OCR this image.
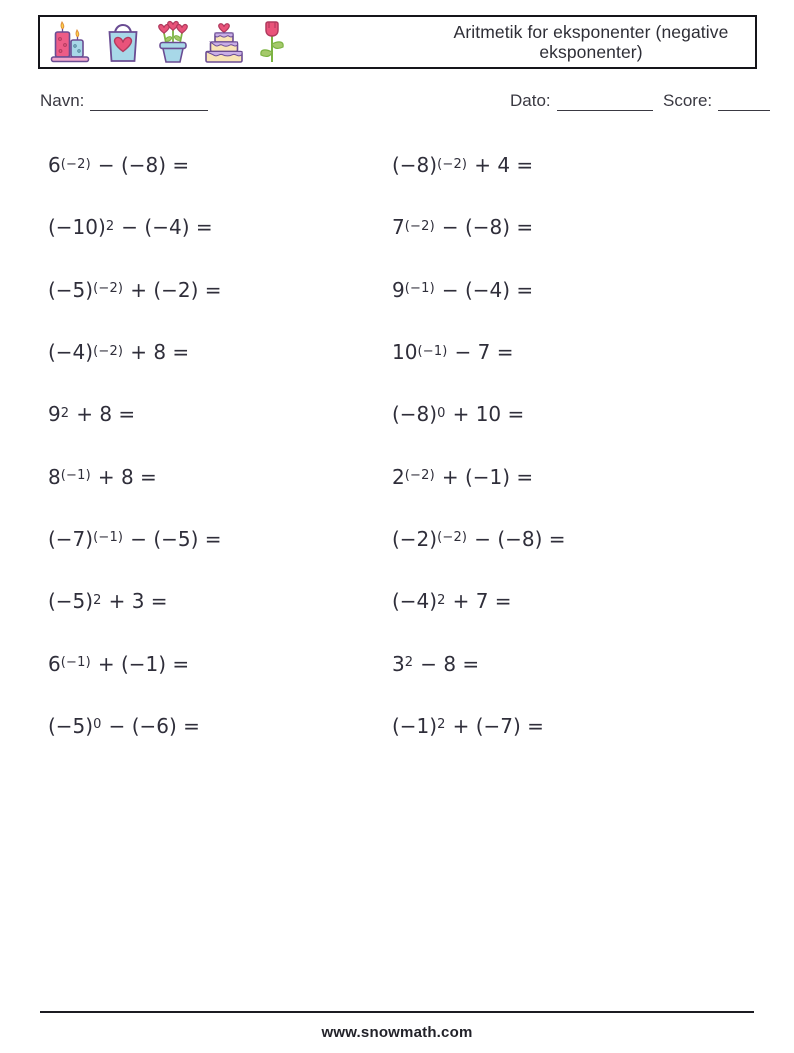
Aritmetik for eksponenter (negative
eksponenter)
Navn:	Dato:	Score:
$6^{(-2)} - (-8)$ =
$(-10)^2 - (-4)$ =
$(-5)^{(-2)} + (-2)$ =
$(-4)^{(-2)} + 8$ =
$9^2 + 8$ =
$8^{(-1)} + 8$ =
$(-7)^{(-1)} - (-5)$ =
$(-5)^2 + 3$ =
$6^{(-1)} + (-1)$ =
$(-5)^0 - (-6)$ =
$(-8)^{(-2)} + 4$ =
$7^{(-2)} - (-8)$ =
$9^{(-1)} - (-4)$ =
$10^{(-1)} - 7$ =
$(-8)^0 + 10$ =
$2^{(-2)} + (-1)$ =
$(-2)^{(-2)} - (-8)$ =
$(-4)^2 + 7$ =
$3^2 - 8$ =
$(-1)^2 + (-7)$ =
www.snowmath.com
